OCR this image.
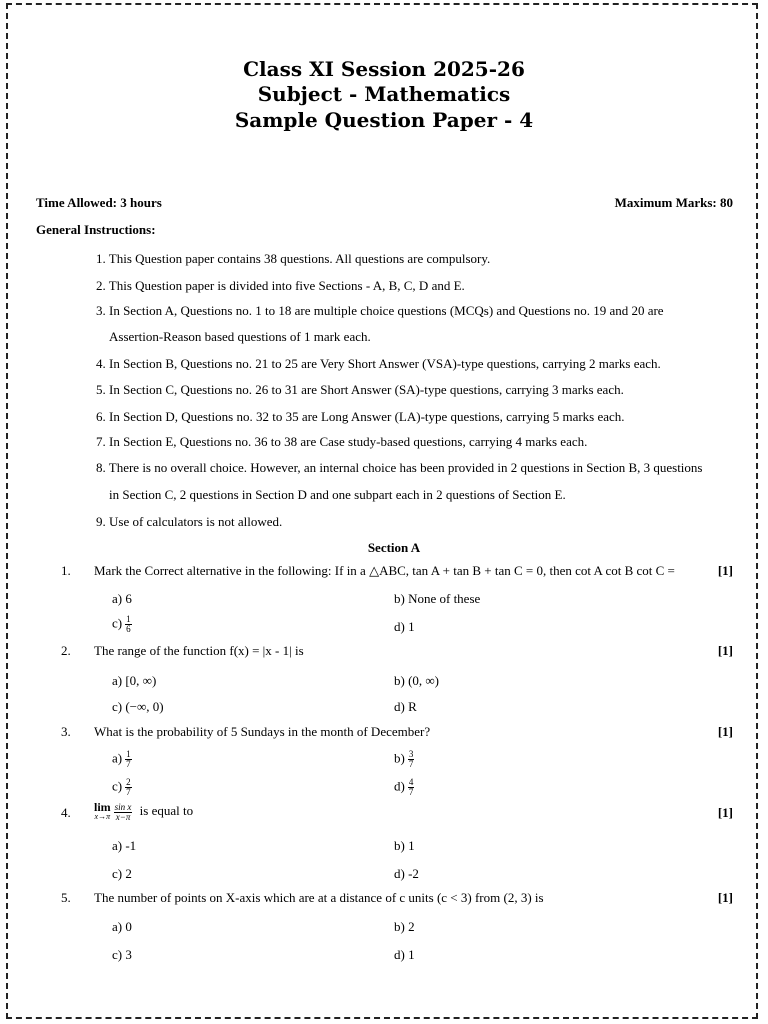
Class XI Session 2025-26
Subject - Mathematics
Sample Question Paper - 4
Time Allowed: 3 hours	Maximum Marks: 80
General Instructions:
1. This Question paper contains 38 questions. All questions are compulsory.
2. This Question paper is divided into five Sections - A, B, C, D and E.
3. In Section A, Questions no. 1 to 18 are multiple choice questions (MCQs) and Questions no. 19 and 20 are
Assertion-Reason based questions of 1 mark each.
4. In Section B, Questions no. 21 to 25 are Very Short Answer (VSA)-type questions, carrying 2 marks each.
5. In Section C, Questions no. 26 to 31 are Short Answer (SA)-type questions, carrying 3 marks each.
6. In Section D, Questions no. 32 to 35 are Long Answer (LA)-type questions, carrying 5 marks each.
7. In Section E, Questions no. 36 to 38 are Case study-based questions, carrying 4 marks each.
8. There is no overall choice. However, an internal choice has been provided in 2 questions in Section B, 3 questions
in Section C, 2 questions in Section D and one subpart each in 2 questions of Section E.
9. Use of calculators is not allowed.
Section A
1. Mark the Correct alternative in the following: If in a △ABC, tan A + tan B + tan C = 0, then cot A cot B cot C =	[1]
a) 6	b) None of these
$c) \frac{1}{6}$	d) 1
2. The range of the function f(x) = |x - 1| is	[1]
a) [0, ∞)	b) (0, ∞)
c) (−∞, 0)	d) R
3. What is the probability of 5 Sundays in the month of December?	[1]
$a) \frac{1}{7}$	$b) \frac{3}{7}$
$c) \frac{2}{7}$	$d) \frac{4}{7}$
4. lim
$x\to\pi \frac{\text{sin x}}{x-\pi}$ is equal to	[1]
a) -1	b) 1
c) 2	d) -2
5. The number of points on X-axis which are at a distance of c units (c < 3) from (2, 3) is	[1]
a) 0	b) 2
c) 3	d) 1
